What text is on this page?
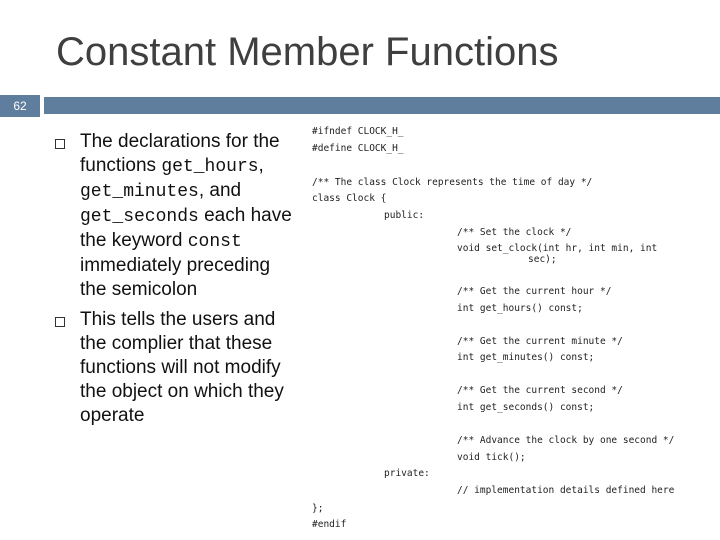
Constant Member Functions
62
The declarations for the functions get_hours, get_minutes, and get_seconds each have the keyword const immediately preceding the semicolon
This tells the users and the complier that these functions will not modify the object on which they operate
#ifndef CLOCK_H_
#define CLOCK_H_
/** The class Clock represents the time of day */
class Clock {
public:
/** Set the clock */
void set_clock(int hr, int min, int
sec);
/** Get the current hour */
int get_hours() const;
/** Get the current minute */
int get_minutes() const;
/** Get the current second */
int get_seconds() const;
/** Advance the clock by one second */
void tick();
private:
// implementation details defined here
};
#endif
